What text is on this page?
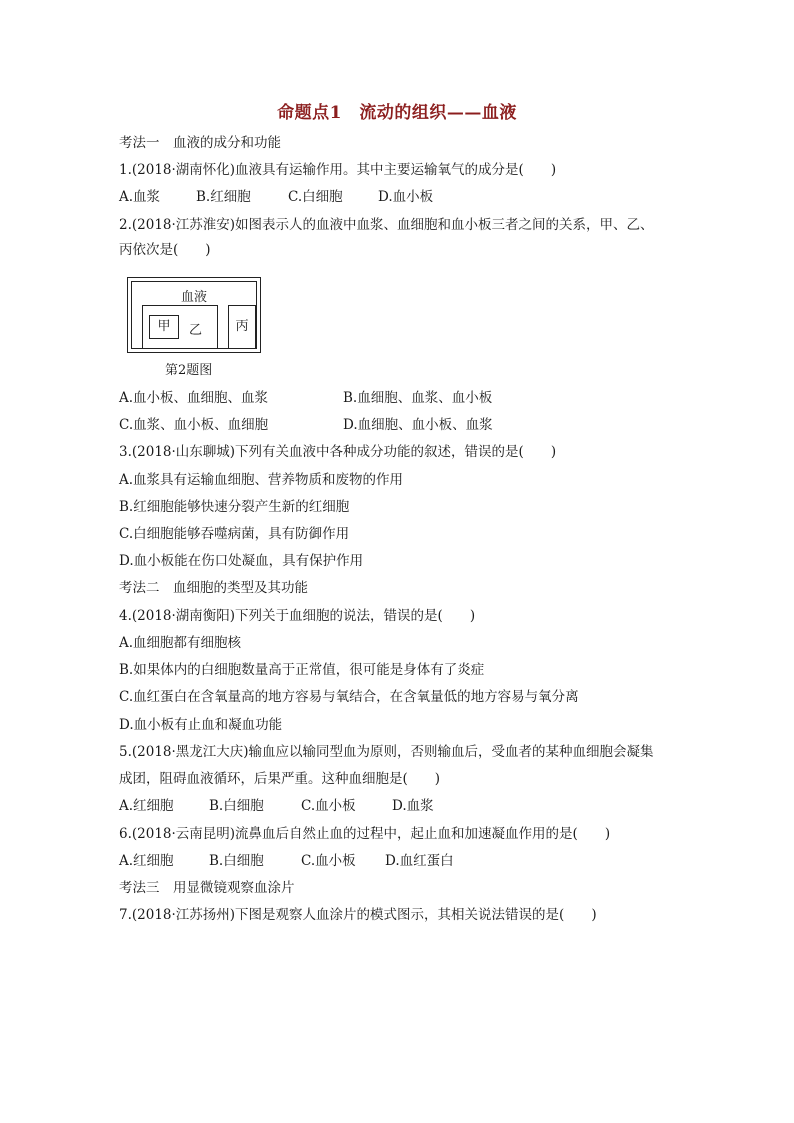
命题点1　流动的组织——血液
考法一　血液的成分和功能
1.(2018·湖南怀化)血液具有运输作用。其中主要运输氧气的成分是(　　)
A.血浆	B.红细胞	C.白细胞	D.血小板
2.(2018·江苏淮安)如图表示人的血液中血浆、血细胞和血小板三者之间的关系，甲、乙、
丙依次是(　　)
血液
甲	乙	丙
第2题图
A.血小板、血细胞、血浆	B.血细胞、血浆、血小板
C.血浆、血小板、血细胞	D.血细胞、血小板、血浆
3.(2018·山东聊城)下列有关血液中各种成分功能的叙述，错误的是(　　)
A.血浆具有运输血细胞、营养物质和废物的作用
B.红细胞能够快速分裂产生新的红细胞
C.白细胞能够吞噬病菌，具有防御作用
D.血小板能在伤口处凝血，具有保护作用
考法二　血细胞的类型及其功能
4.(2018·湖南衡阳)下列关于血细胞的说法，错误的是(　　)
A.血细胞都有细胞核
B.如果体内的白细胞数量高于正常值，很可能是身体有了炎症
C.血红蛋白在含氧量高的地方容易与氧结合，在含氧量低的地方容易与氧分离
D.血小板有止血和凝血功能
5.(2018·黑龙江大庆)输血应以输同型血为原则，否则输血后，受血者的某种血细胞会凝集
成团，阻碍血液循环，后果严重。这种血细胞是(　　)
A.红细胞	B.白细胞	C.血小板	D.血浆
6.(2018·云南昆明)流鼻血后自然止血的过程中，起止血和加速凝血作用的是(　　)
A.红细胞	B.白细胞	C.血小板 D.血红蛋白
考法三　用显微镜观察血涂片
7.(2018·江苏扬州)下图是观察人血涂片的模式图示，其相关说法错误的是(　　)
